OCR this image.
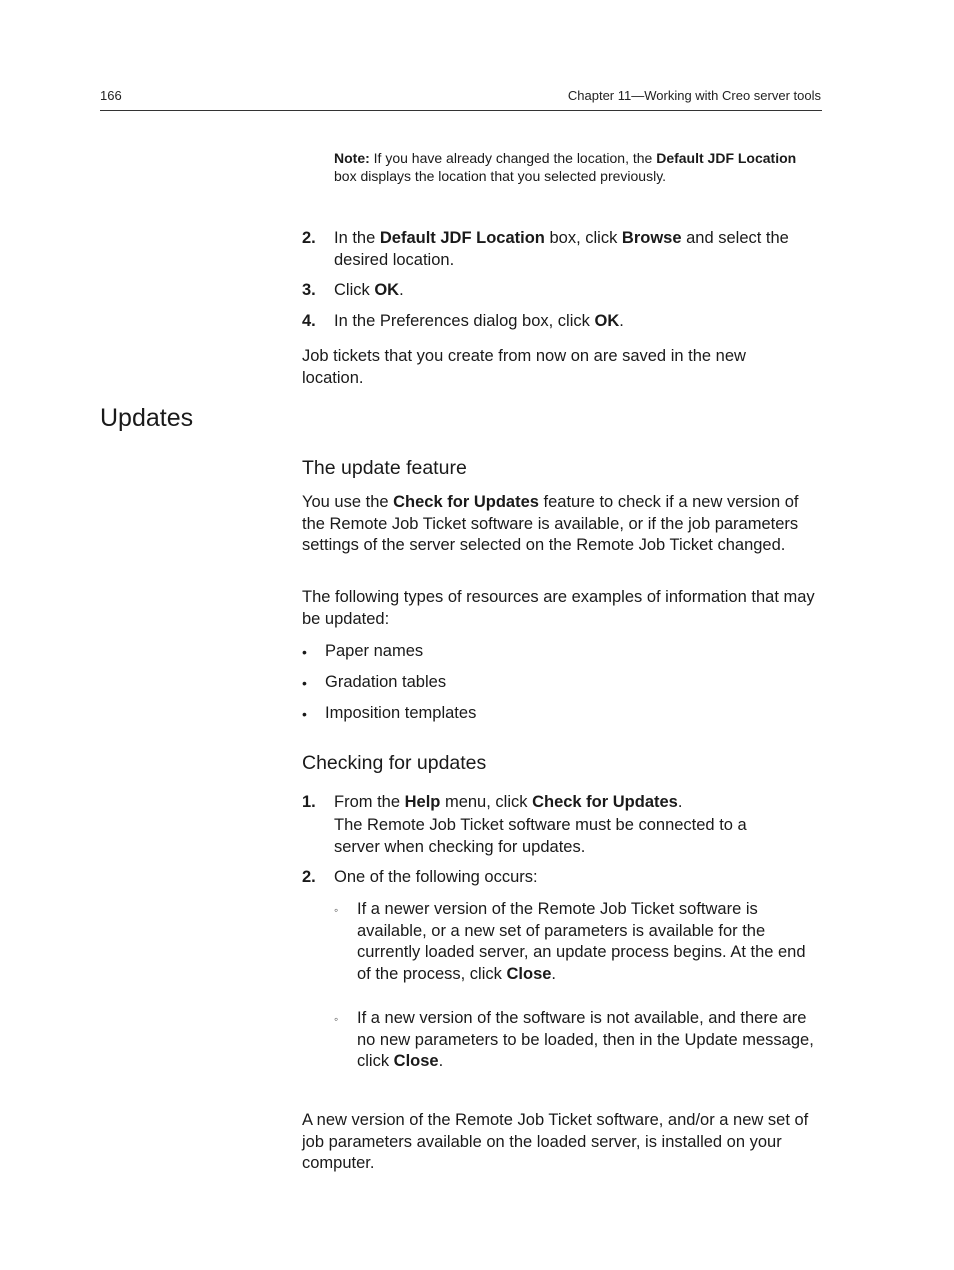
166	Chapter 11—Working with Creo server tools
Note: If you have already changed the location, the Default JDF Location box displays the location that you selected previously.
2. In the Default JDF Location box, click Browse and select the desired location.
3. Click OK.
4. In the Preferences dialog box, click OK.
Job tickets that you create from now on are saved in the new location.
Updates
The update feature
You use the Check for Updates feature to check if a new version of the Remote Job Ticket software is available, or if the job parameters settings of the server selected on the Remote Job Ticket changed.
The following types of resources are examples of information that may be updated:
• Paper names
• Gradation tables
• Imposition templates
Checking for updates
1. From the Help menu, click Check for Updates.
The Remote Job Ticket software must be connected to a server when checking for updates.
2. One of the following occurs:
◦ If a newer version of the Remote Job Ticket software is available, or a new set of parameters is available for the currently loaded server, an update process begins. At the end of the process, click Close.
◦ If a new version of the software is not available, and there are no new parameters to be loaded, then in the Update message, click Close.
A new version of the Remote Job Ticket software, and/or a new set of job parameters available on the loaded server, is installed on your computer.
